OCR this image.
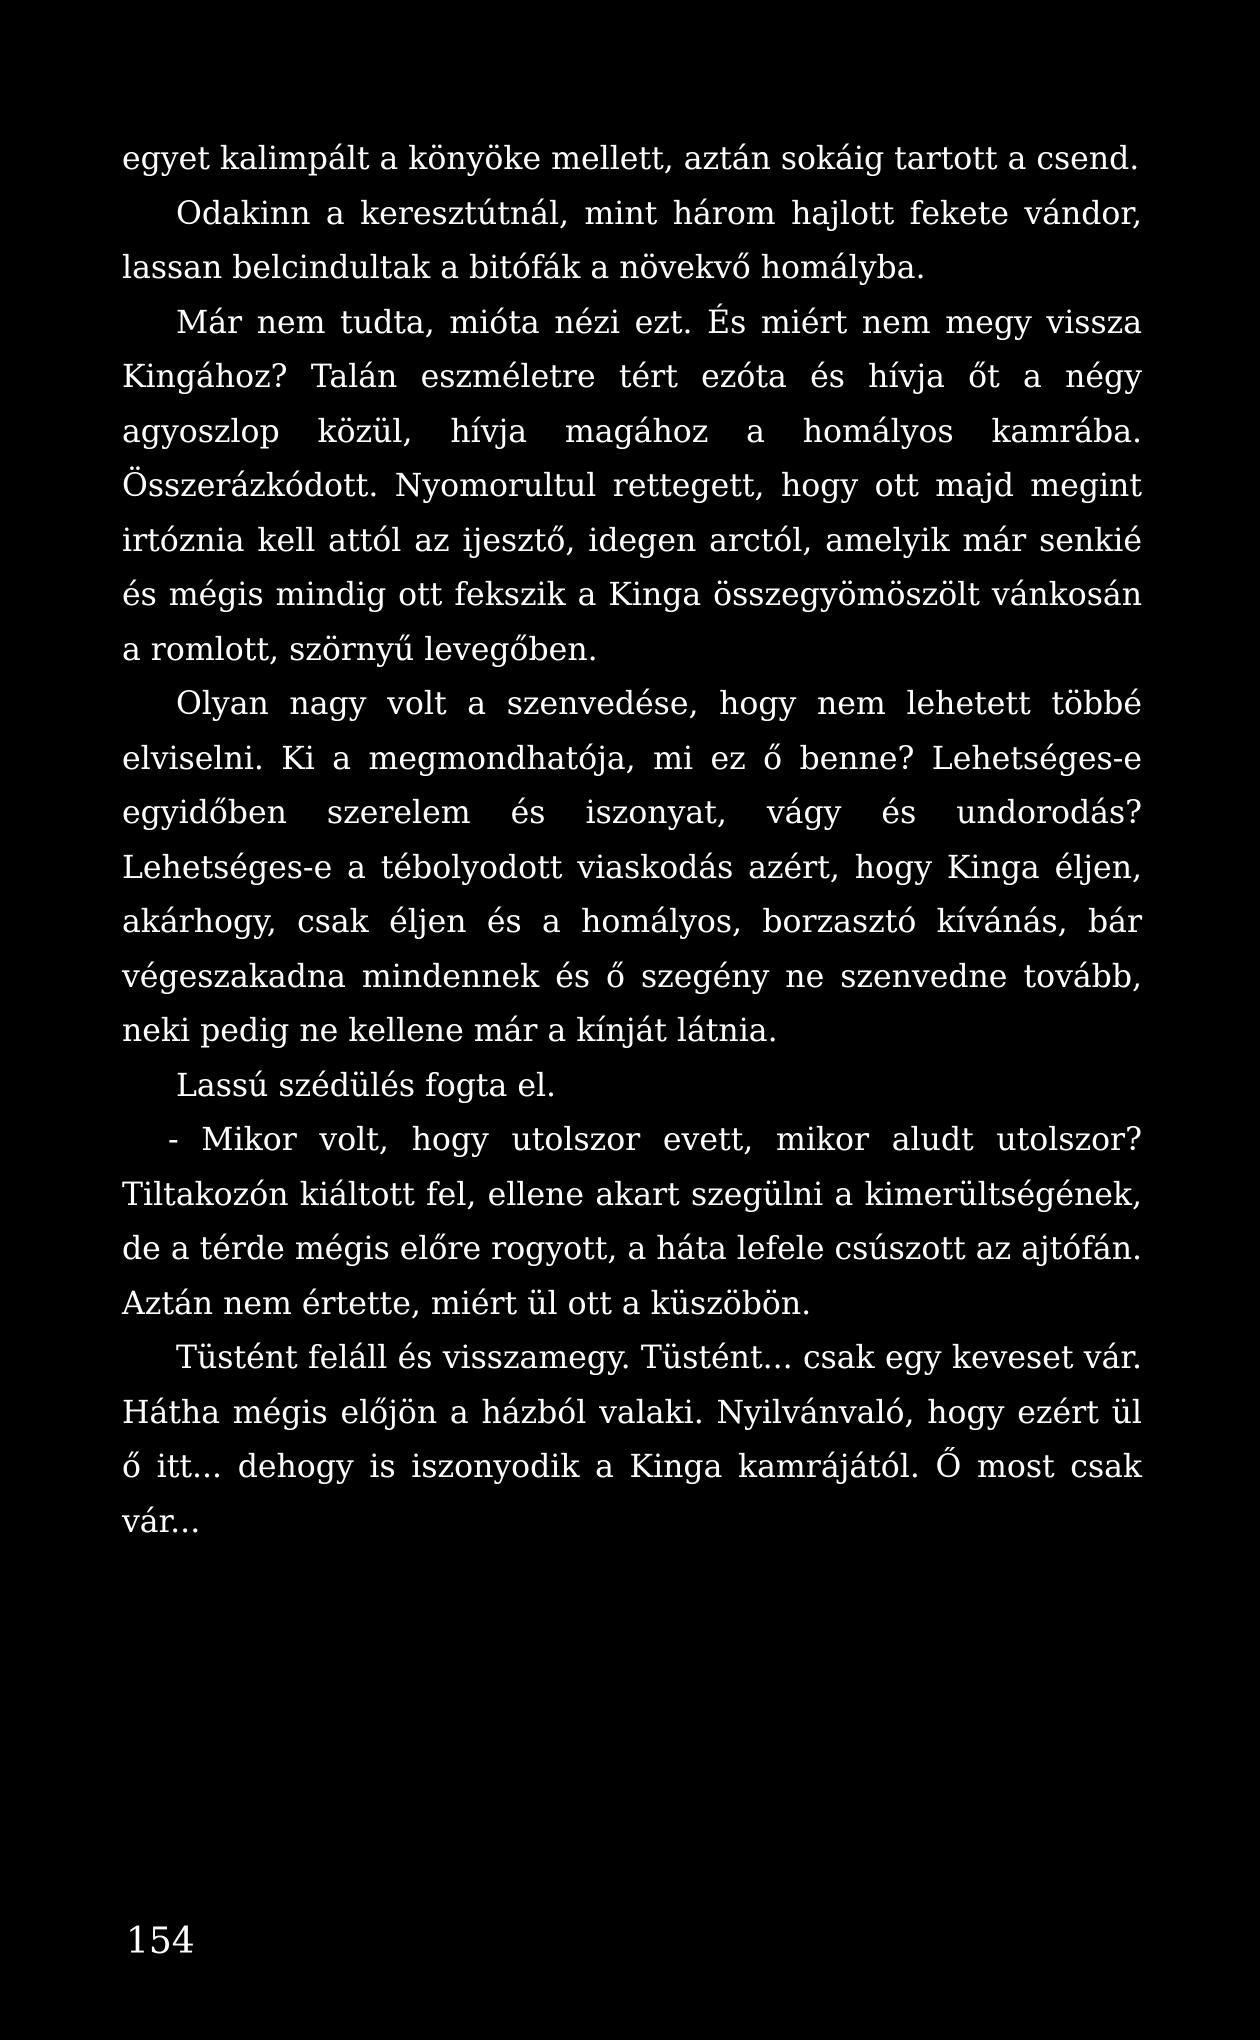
egyet kalimpált a könyöke mellett, aztán sokáig tartott a csend.

Odakinn a keresztútnál, mint három hajlott fekete vándor, lassan belcindultak a bitófák a növekvő homályba.

Már nem tudta, mióta nézi ezt. És miért nem megy vissza Kingához? Talán eszméletre tért ezóta és hívja őt a négy agyoszlop közül, hívja magához a homályos kamrába. Összerázkódott. Nyomorultul rettegett, hogy ott majd megint irtóznia kell attól az ijesztő, idegen arctól, amelyik már senkié és mégis mindig ott fekszik a Kinga összegyömöszölt vánkosán a romlott, szörnyű levegőben.

Olyan nagy volt a szenvedése, hogy nem lehetett többé elviselni. Ki a megmondhatója, mi ez ő benne? Lehetséges-e egyidőben szerelem és iszonyat, vágy és undorodás? Lehetséges-e a tébolyodott viaskodás azért, hogy Kinga éljen, akárhogy, csak éljen és a homályos, borzasztó kívánás, bár végeszakadna mindennek és ő szegény ne szenvedne tovább, neki pedig ne kellene már a kínját látnia.

Lassú szédülés fogta el.

- Mikor volt, hogy utolszor evett, mikor aludt utolszor? Tiltakozón kiáltott fel, ellene akart szegülni a kimerültségének, de a térde mégis előre rogyott, a háta lefele csúszott az ajtófán. Aztán nem értette, miért ül ott a küszöbön.

Tüstént feláll és visszamegy. Tüstént... csak egy keveset vár. Hátha mégis előjön a házból valaki. Nyilvánvaló, hogy ezért ül ő itt... dehogy is iszonyodik a Kinga kamrájától. Ő most csak vár...

154
